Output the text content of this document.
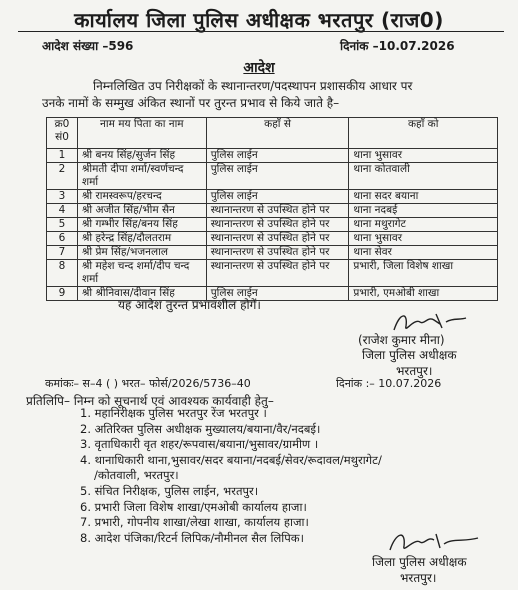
कार्यालय जिला पुलिस अधीक्षक भरतपुर (राज0)
आदेश संख्या –596	दिनांक –10.07.2026
आदेश
निम्नलिखित उप निरीक्षकों के स्थानान्तरण/पदस्थापन प्रशासकीय आधार पर
उनके नामों के सम्मुख अंकित स्थानों पर तुरन्त प्रभाव से किये जाते है–
क्र0 सं0	नाम मय पिता का नाम	कहाँ से	कहाँ को
1	श्री बनय सिंह/सुर्जन सिंह	पुलिस लाईन	थाना भुसावर
2	श्रीमती दीपा शर्मा/स्वर्णचन्द शर्मा	पुलिस लाईन	थाना कोतवाली
3	श्री रामस्वरूप/हरचन्द	पुलिस लाईन	थाना सदर बयाना
4	श्री अजीत सिंह/भीम सैन	स्थानान्तरण से उपस्थित होने पर	थाना नदबई
5	श्री गम्भीर सिंह/बनय सिंह	स्थानान्तरण से उपस्थित होने पर	थाना मथुरागेट
6	श्री हरेन्द्र सिंह/दौलतराम	स्थानान्तरण से उपस्थित होने पर	थाना भुसावर
7	श्री प्रेम सिंह/भजनलाल	स्थानान्तरण से उपस्थित होने पर	थाना सेवर
8	श्री महेश चन्द शर्मा/दीप चन्द शर्मा	स्थानान्तरण से उपस्थित होने पर	प्रभारी, जिला विशेष शाखा
9	श्री श्रीनिवास/दीवान सिंह	पुलिस लाईन	प्रभारी, एमओबी शाखा
यह आदेश तुरन्त प्रभावशील होगें।
(राजेश कुमार मीना)
जिला पुलिस अधीक्षक
भरतपुर।
कमांकः– स–4 ( ) भरत– फोर्स/2026/5736–40	दिनांक :– 10.07.2026
प्रतिलिपि– निम्न को सूचनार्थ एवं आवश्यक कार्यवाही हेतु–
1. महानिरीक्षक पुलिस भरतपुर रेंज भरतपुर ।
2. अतिरिक्त पुलिस अधीक्षक मुख्यालय/बयाना/वैर/नदबई।
3. वृताधिकारी वृत शहर/रूपवास/बयाना/भुसावर/ग्रामीण ।
4. थानाधिकारी थाना,भुसावर/सदर बयाना/नदबई/सेवर/रूदावल/मथुरागेट/
/कोतवाली, भरतपुर।
5. संचित निरीक्षक, पुलिस लाईन, भरतपुर।
6. प्रभारी जिला विशेष शाखा/एमओबी कार्यालय हाजा।
7. प्रभारी, गोपनीय शाखा/लेखा शाखा, कार्यालय हाजा।
8. आदेश पंजिका/रिटर्न लिपिक/नौमीनल सैल लिपिक।
जिला पुलिस अधीक्षक
भरतपुर।
